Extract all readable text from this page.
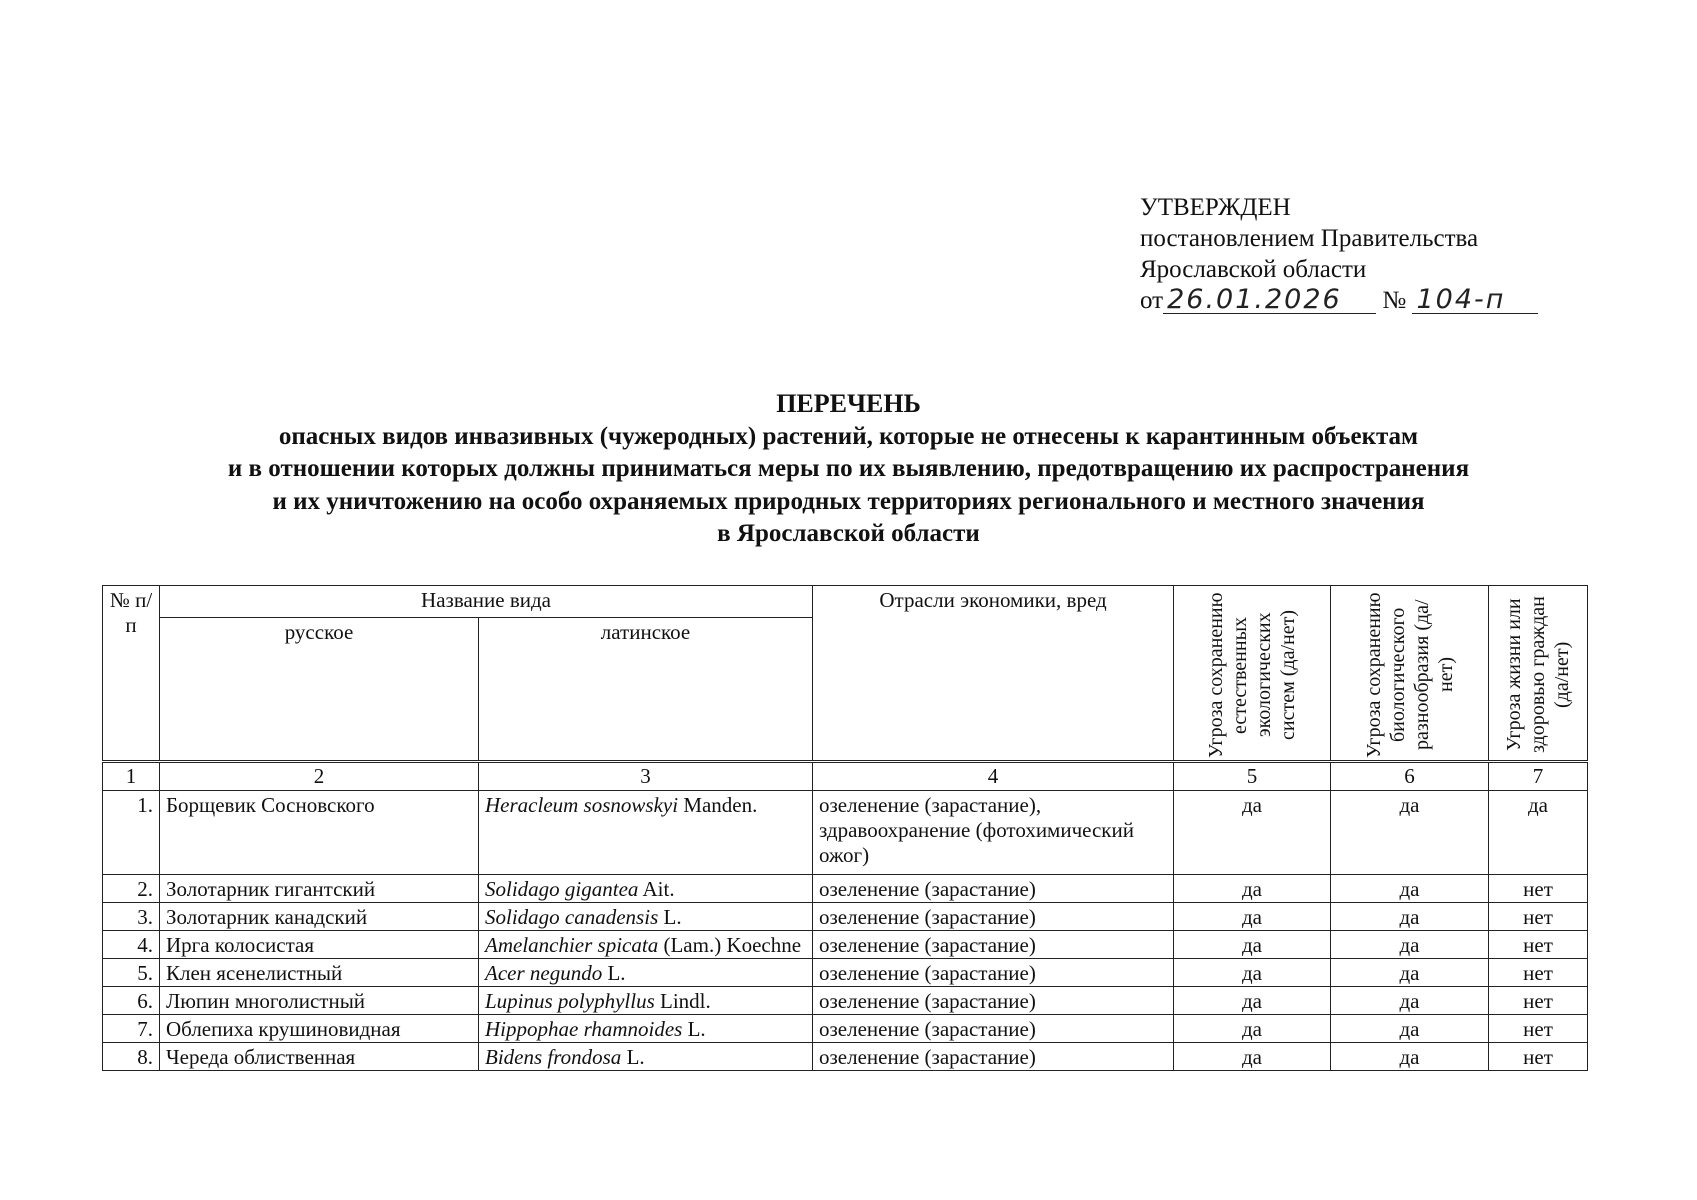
УТВЕРЖДЕН
постановлением Правительства
Ярославской области
от 26.01.2026 № 104-п
ПЕРЕЧЕНЬ
опасных видов инвазивных (чужеродных) растений, которые не отнесены к карантинным объектам
и в отношении которых должны приниматься меры по их выявлению, предотвращению их распространения
и их уничтожению на особо охраняемых природных территориях регионального и местного значения
в Ярославской области
№ п/п	Название вида		Отрасли экономики, вред	Угроза сохранению естественных экологических систем (да/нет)	Угроза сохранению биологического разнообразия (да/нет)	Угроза жизни или здоровью граждан (да/нет)

	русское	латинское				
1	2	3	4	5	6	7
1.	Борщевик Сосновского	Heracleum sosnowskyi Manden.	озеленение (зарастание), здравоохранение (фотохимический ожог)	да	да	да
2.	Золотарник гигантский	Solidago gigantea Ait.	озеленение (зарастание)	да	да	нет
3.	Золотарник канадский	Solidago canadensis L.	озеленение (зарастание)	да	да	нет
4.	Ирга колосистая	Amelanchier spicata (Lam.) Koechne	озеленение (зарастание)	да	да	нет
5.	Клен ясенелистный	Acer negundo L.	озеленение (зарастание)	да	да	нет
6.	Люпин многолистный	Lupinus polyphyllus Lindl.	озеленение (зарастание)	да	да	нет
7.	Облепиха крушиновидная	Hippophae rhamnoides L.	озеленение (зарастание)	да	да	нет
8.	Череда облиственная	Bidens frondosa L.	озеленение (зарастание)	да	да	нет
